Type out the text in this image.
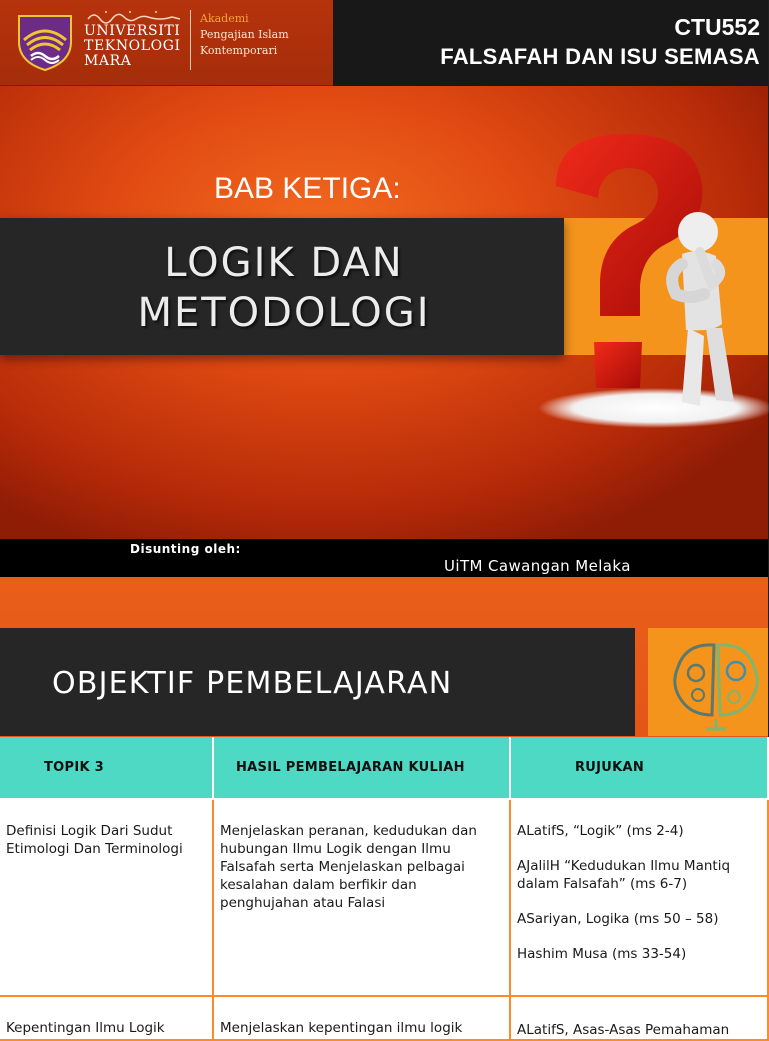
UNIVERSITI
TEKNOLOGI
MARA
Akademi
Pengajian Islam
Kontemporari
CTU552
FALSAFAH DAN ISU SEMASA
BAB KETIGA:
LOGIK DAN
METODOLOGI
Disunting oleh:
UiTM Cawangan Melaka
OBJEKTIF PEMBELAJARAN
TOPIK 3	HASIL PEMBELAJARAN KULIAH	RUJUKAN
Definisi Logik Dari Sudut Etimologi Dan Terminologi	Menjelaskan peranan, kedudukan dan hubungan Ilmu Logik dengan Ilmu Falsafah serta Menjelaskan pelbagai kesalahan dalam berfikir dan penghujahan atau Falasi	ALatifS, “Logik” (ms 2-4)
AJalilH “Kedudukan Ilmu Mantiq dalam Falsafah” (ms 6-7)
ASariyan, Logika (ms 50 – 58)
Hashim Musa (ms 33-54)

Kepentingan Ilmu Logik	Menjelaskan kepentingan ilmu logik	ALatifS, Asas-Asas Pemahaman
